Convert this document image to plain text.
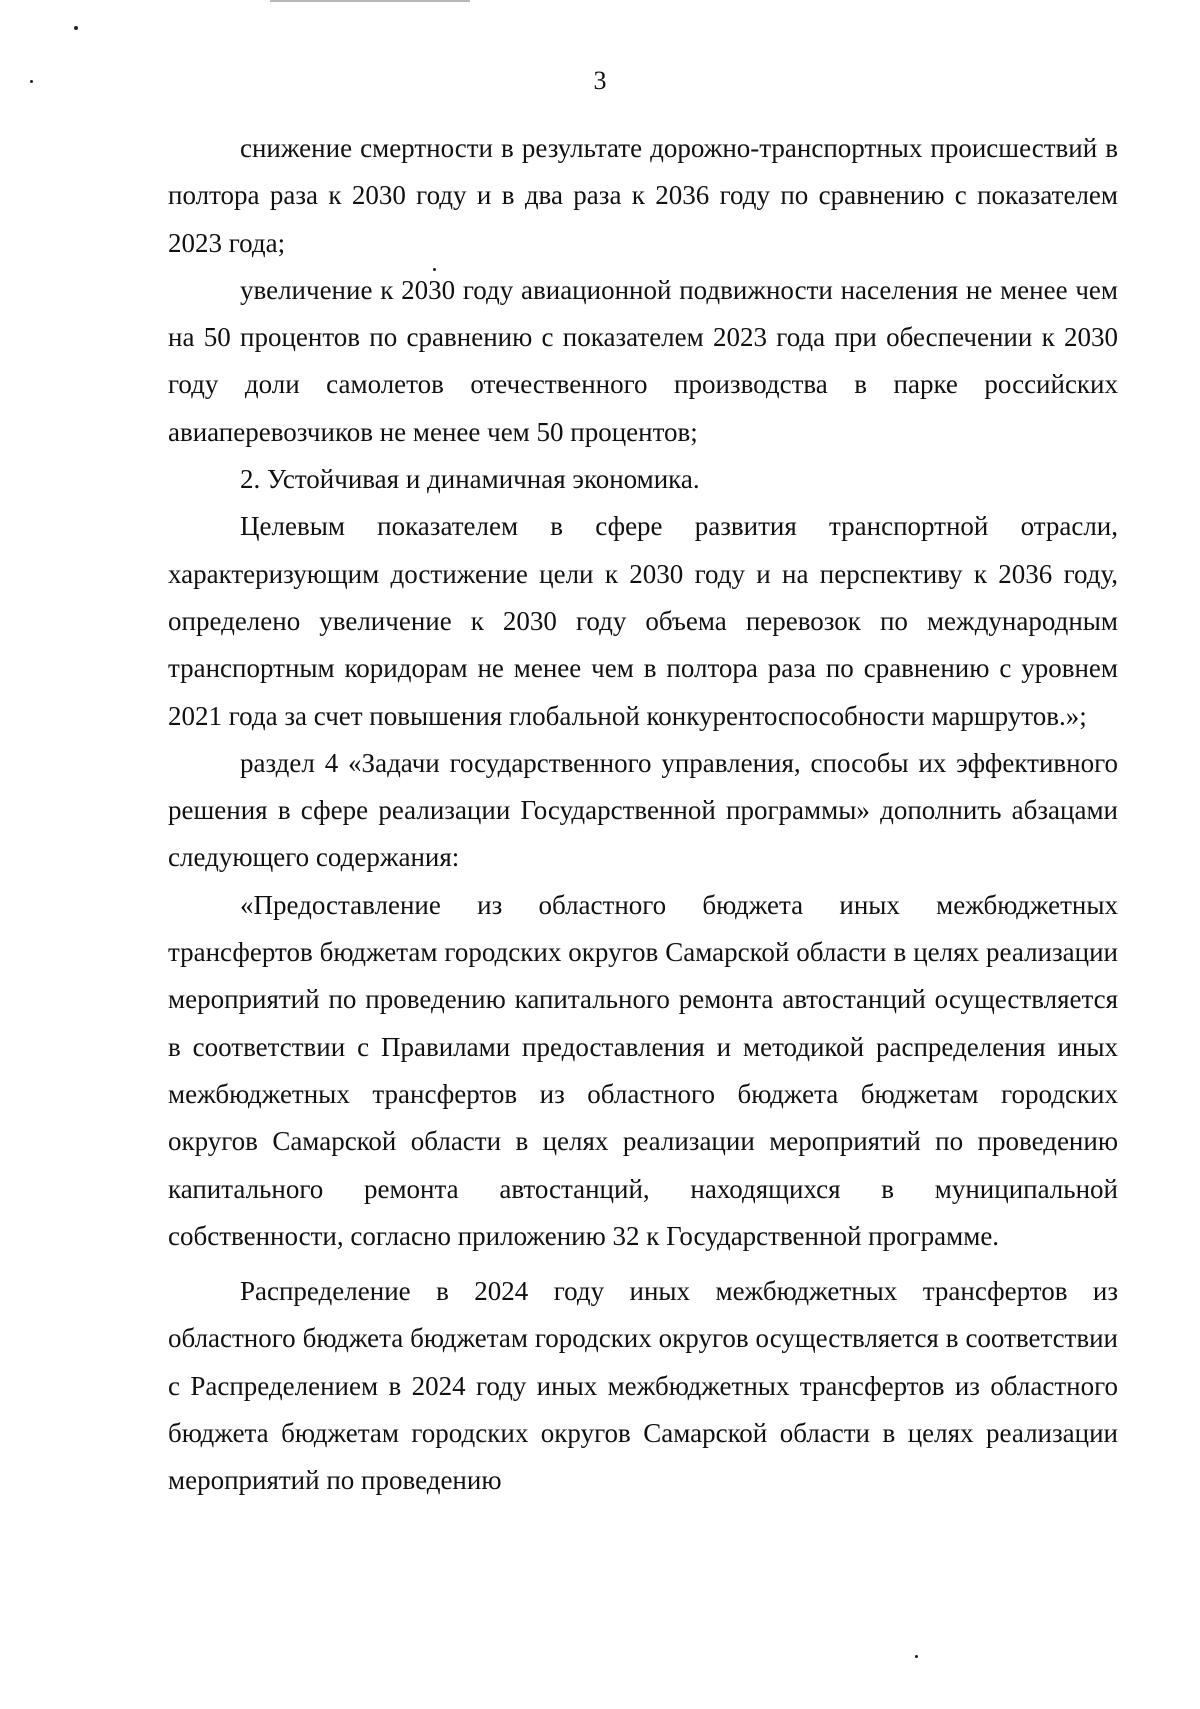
3

снижение смертности в результате дорожно-транспортных происшествий в полтора раза к 2030 году и в два раза к 2036 году по сравнению с показателем 2023 года;

увеличение к 2030 году авиационной подвижности населения не менее чем на 50 процентов по сравнению с показателем 2023 года при обеспечении к 2030 году доли самолетов отечественного производства в парке российских авиаперевозчиков не менее чем 50 процентов;

2. Устойчивая и динамичная экономика.

Целевым показателем в сфере развития транспортной отрасли, характеризующим достижение цели к 2030 году и на перспективу к 2036 году, определено увеличение к 2030 году объема перевозок по международным транспортным коридорам не менее чем в полтора раза по сравнению с уровнем 2021 года за счет повышения глобальной конкурентоспособности маршрутов.»;

раздел 4 «Задачи государственного управления, способы их эффективного решения в сфере реализации Государственной программы» дополнить абзацами следующего содержания:

«Предоставление из областного бюджета иных межбюджетных трансфертов бюджетам городских округов Самарской области в целях реализации мероприятий по проведению капитального ремонта автостанций осуществляется в соответствии с Правилами предоставления и методикой распределения иных межбюджетных трансфертов из областного бюджета бюджетам городских округов Самарской области в целях реализации мероприятий по проведению капитального ремонта автостанций, находящихся в муниципальной собственности, согласно приложению 32 к Государственной программе.

Распределение в 2024 году иных межбюджетных трансфертов из областного бюджета бюджетам городских округов осуществляется в соответствии с Распределением в 2024 году иных межбюджетных трансфертов из областного бюджета бюджетам городских округов Самарской области в целях реализации мероприятий по проведению
